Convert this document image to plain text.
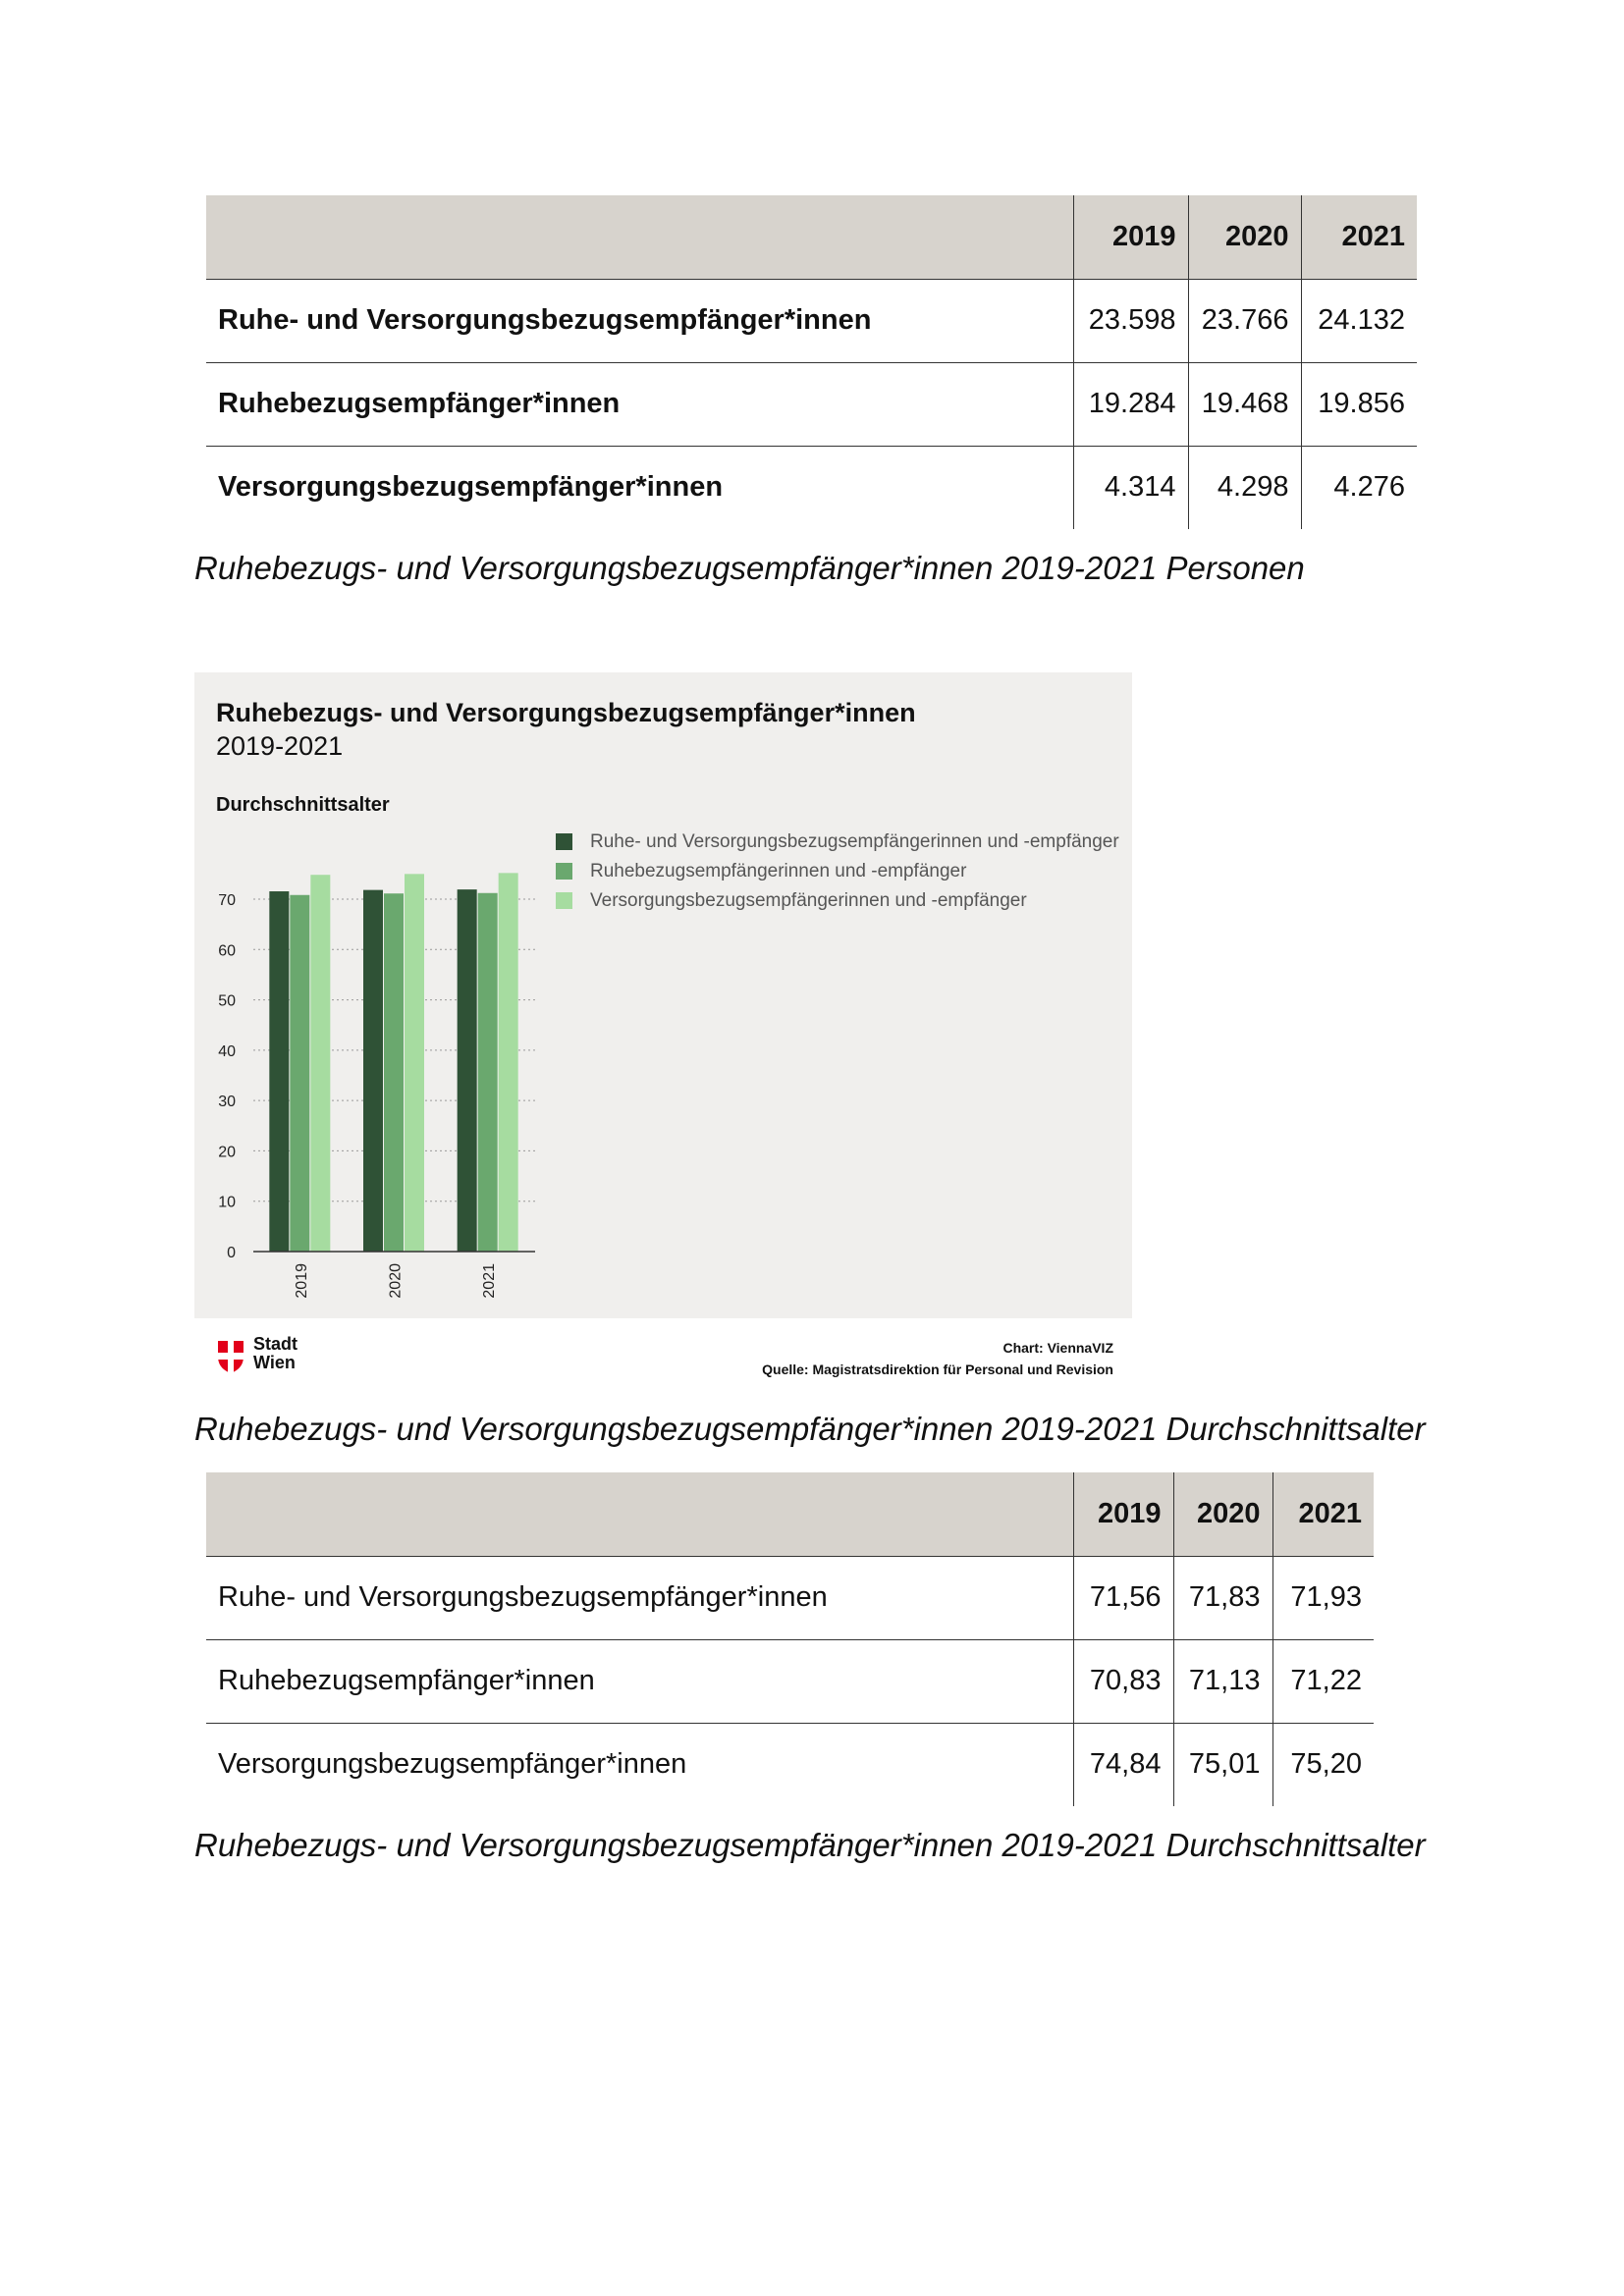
	2019	2020	2021
Ruhe- und Versorgungsbezugsempfänger*innen	23.598	23.766	24.132
Ruhebezugsempfänger*innen	19.284	19.468	19.856
Versorgungsbezugsempfänger*innen	4.314	4.298	4.276
Ruhebezugs- und Versorgungsbezugsempfänger*innen 2019-2021 Personen
Ruhebezugs- und Versorgungsbezugsempfänger*innen
2019-2021
Durchschnittsalter
0
10
20
30
40
50
60
70
2019	2020	2021
Ruhe- und Versorgungsbezugsempfängerinnen und -empfänger
Ruhebezugsempfängerinnen und -empfänger
Versorgungsbezugsempfängerinnen und -empfänger
Stadt
Wien
Chart: ViennaVIZ
Quelle: Magistratsdirektion für Personal und Revision
Ruhebezugs- und Versorgungsbezugsempfänger*innen 2019-2021 Durchschnittsalter
	2019	2020	2021
Ruhe- und Versorgungsbezugsempfänger*innen	71,56	71,83	71,93
Ruhebezugsempfänger*innen	70,83	71,13	71,22
Versorgungsbezugsempfänger*innen	74,84	75,01	75,20
Ruhebezugs- und Versorgungsbezugsempfänger*innen 2019-2021 Durchschnittsalter
